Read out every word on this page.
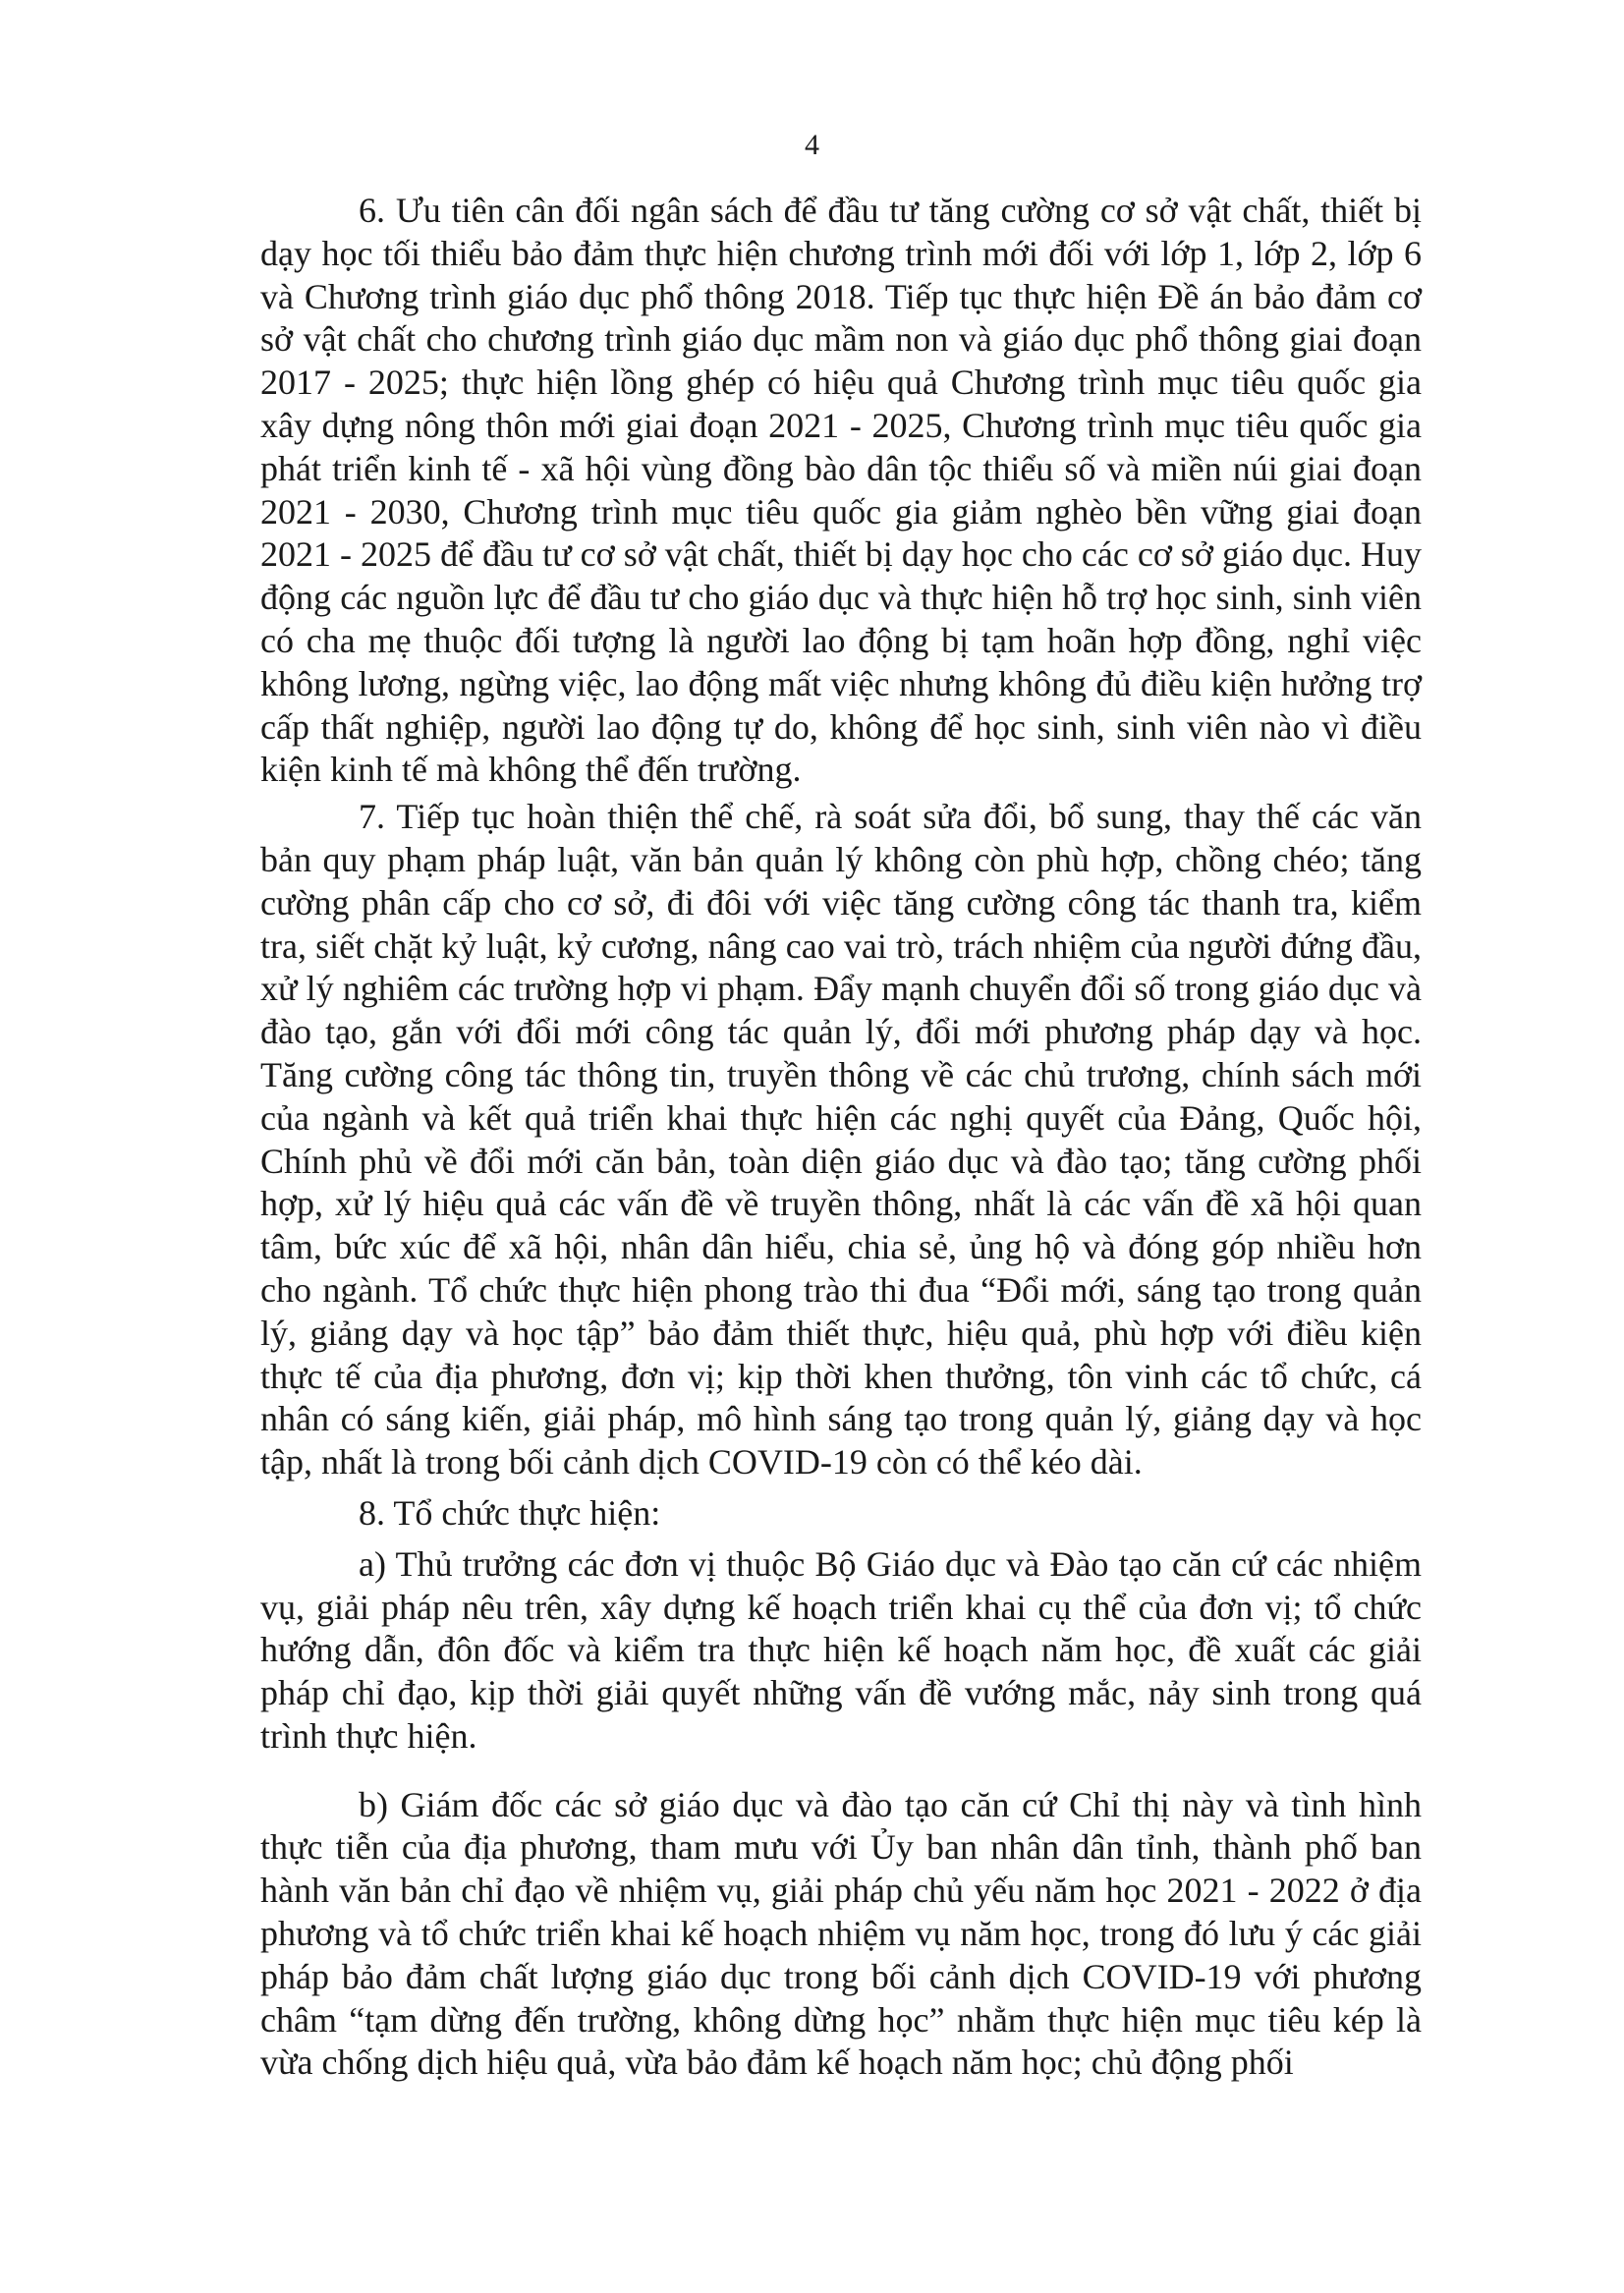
4

6. Ưu tiên cân đối ngân sách để đầu tư tăng cường cơ sở vật chất, thiết bị dạy học tối thiểu bảo đảm thực hiện chương trình mới đối với lớp 1, lớp 2, lớp 6 và Chương trình giáo dục phổ thông 2018. Tiếp tục thực hiện Đề án bảo đảm cơ sở vật chất cho chương trình giáo dục mầm non và giáo dục phổ thông giai đoạn 2017 - 2025; thực hiện lồng ghép có hiệu quả Chương trình mục tiêu quốc gia xây dựng nông thôn mới giai đoạn 2021 - 2025, Chương trình mục tiêu quốc gia phát triển kinh tế - xã hội vùng đồng bào dân tộc thiểu số và miền núi giai đoạn 2021 - 2030, Chương trình mục tiêu quốc gia giảm nghèo bền vững giai đoạn 2021 - 2025 để đầu tư cơ sở vật chất, thiết bị dạy học cho các cơ sở giáo dục. Huy động các nguồn lực để đầu tư cho giáo dục và thực hiện hỗ trợ học sinh, sinh viên có cha mẹ thuộc đối tượng là người lao động bị tạm hoãn hợp đồng, nghỉ việc không lương, ngừng việc, lao động mất việc nhưng không đủ điều kiện hưởng trợ cấp thất nghiệp, người lao động tự do, không để học sinh, sinh viên nào vì điều kiện kinh tế mà không thể đến trường.

7. Tiếp tục hoàn thiện thể chế, rà soát sửa đổi, bổ sung, thay thế các văn bản quy phạm pháp luật, văn bản quản lý không còn phù hợp, chồng chéo; tăng cường phân cấp cho cơ sở, đi đôi với việc tăng cường công tác thanh tra, kiểm tra, siết chặt kỷ luật, kỷ cương, nâng cao vai trò, trách nhiệm của người đứng đầu, xử lý nghiêm các trường hợp vi phạm. Đẩy mạnh chuyển đổi số trong giáo dục và đào tạo, gắn với đổi mới công tác quản lý, đổi mới phương pháp dạy và học. Tăng cường công tác thông tin, truyền thông về các chủ trương, chính sách mới của ngành và kết quả triển khai thực hiện các nghị quyết của Đảng, Quốc hội, Chính phủ về đổi mới căn bản, toàn diện giáo dục và đào tạo; tăng cường phối hợp, xử lý hiệu quả các vấn đề về truyền thông, nhất là các vấn đề xã hội quan tâm, bức xúc để xã hội, nhân dân hiểu, chia sẻ, ủng hộ và đóng góp nhiều hơn cho ngành. Tổ chức thực hiện phong trào thi đua “Đổi mới, sáng tạo trong quản lý, giảng dạy và học tập” bảo đảm thiết thực, hiệu quả, phù hợp với điều kiện thực tế của địa phương, đơn vị; kịp thời khen thưởng, tôn vinh các tổ chức, cá nhân có sáng kiến, giải pháp, mô hình sáng tạo trong quản lý, giảng dạy và học tập, nhất là trong bối cảnh dịch COVID-19 còn có thể kéo dài.

8. Tổ chức thực hiện:

a) Thủ trưởng các đơn vị thuộc Bộ Giáo dục và Đào tạo căn cứ các nhiệm vụ, giải pháp nêu trên, xây dựng kế hoạch triển khai cụ thể của đơn vị; tổ chức hướng dẫn, đôn đốc và kiểm tra thực hiện kế hoạch năm học, đề xuất các giải pháp chỉ đạo, kịp thời giải quyết những vấn đề vướng mắc, nảy sinh trong quá trình thực hiện.

b) Giám đốc các sở giáo dục và đào tạo căn cứ Chỉ thị này và tình hình thực tiễn của địa phương, tham mưu với Ủy ban nhân dân tỉnh, thành phố ban hành văn bản chỉ đạo về nhiệm vụ, giải pháp chủ yếu năm học 2021 - 2022 ở địa phương và tổ chức triển khai kế hoạch nhiệm vụ năm học, trong đó lưu ý các giải pháp bảo đảm chất lượng giáo dục trong bối cảnh dịch COVID-19 với phương châm “tạm dừng đến trường, không dừng học” nhằm thực hiện mục tiêu kép là vừa chống dịch hiệu quả, vừa bảo đảm kế hoạch năm học; chủ động phối
